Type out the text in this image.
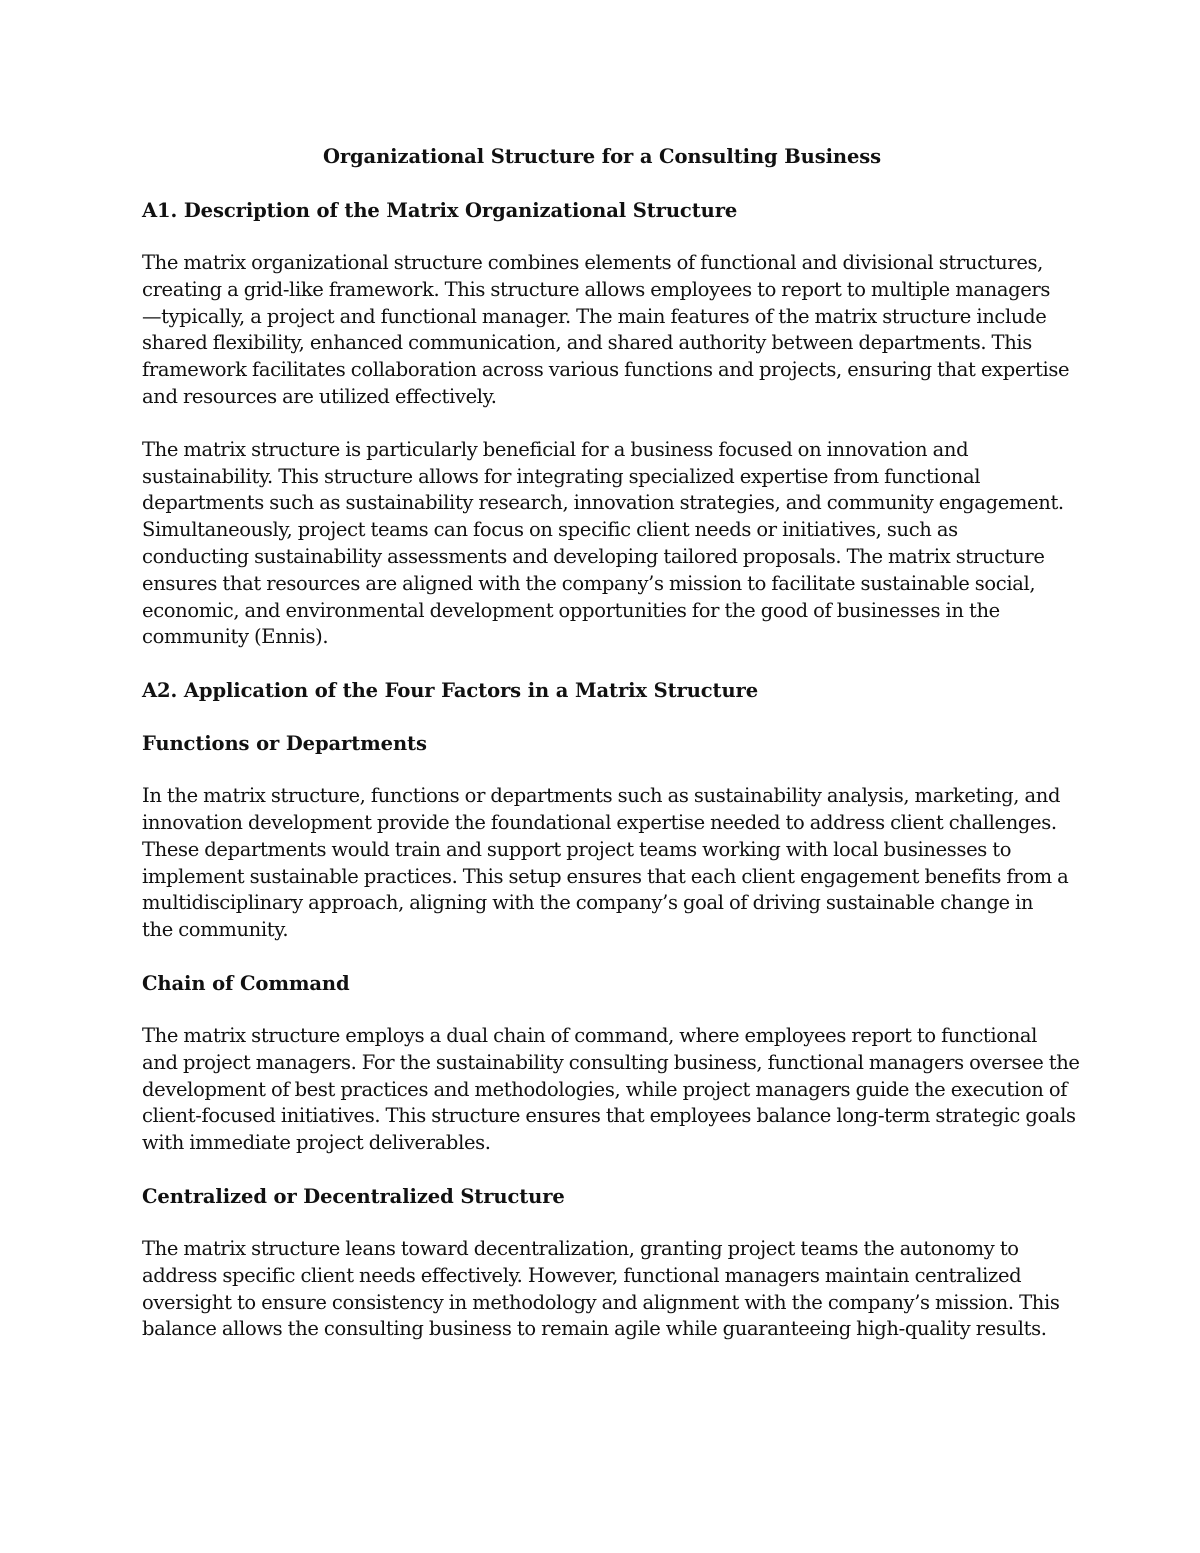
Organizational Structure for a Consulting Business
A1. Description of the Matrix Organizational Structure
The matrix organizational structure combines elements of functional and divisional structures,
creating a grid-like framework. This structure allows employees to report to multiple managers
—typically, a project and functional manager. The main features of the matrix structure include
shared flexibility, enhanced communication, and shared authority between departments. This
framework facilitates collaboration across various functions and projects, ensuring that expertise
and resources are utilized effectively.
The matrix structure is particularly beneficial for a business focused on innovation and
sustainability. This structure allows for integrating specialized expertise from functional
departments such as sustainability research, innovation strategies, and community engagement.
Simultaneously, project teams can focus on specific client needs or initiatives, such as
conducting sustainability assessments and developing tailored proposals. The matrix structure
ensures that resources are aligned with the company’s mission to facilitate sustainable social,
economic, and environmental development opportunities for the good of businesses in the
community (Ennis).
A2. Application of the Four Factors in a Matrix Structure
Functions or Departments
In the matrix structure, functions or departments such as sustainability analysis, marketing, and
innovation development provide the foundational expertise needed to address client challenges.
These departments would train and support project teams working with local businesses to
implement sustainable practices. This setup ensures that each client engagement benefits from a
multidisciplinary approach, aligning with the company’s goal of driving sustainable change in
the community.
Chain of Command
The matrix structure employs a dual chain of command, where employees report to functional
and project managers. For the sustainability consulting business, functional managers oversee the
development of best practices and methodologies, while project managers guide the execution of
client-focused initiatives. This structure ensures that employees balance long-term strategic goals
with immediate project deliverables.
Centralized or Decentralized Structure
The matrix structure leans toward decentralization, granting project teams the autonomy to
address specific client needs effectively. However, functional managers maintain centralized
oversight to ensure consistency in methodology and alignment with the company’s mission. This
balance allows the consulting business to remain agile while guaranteeing high-quality results.
